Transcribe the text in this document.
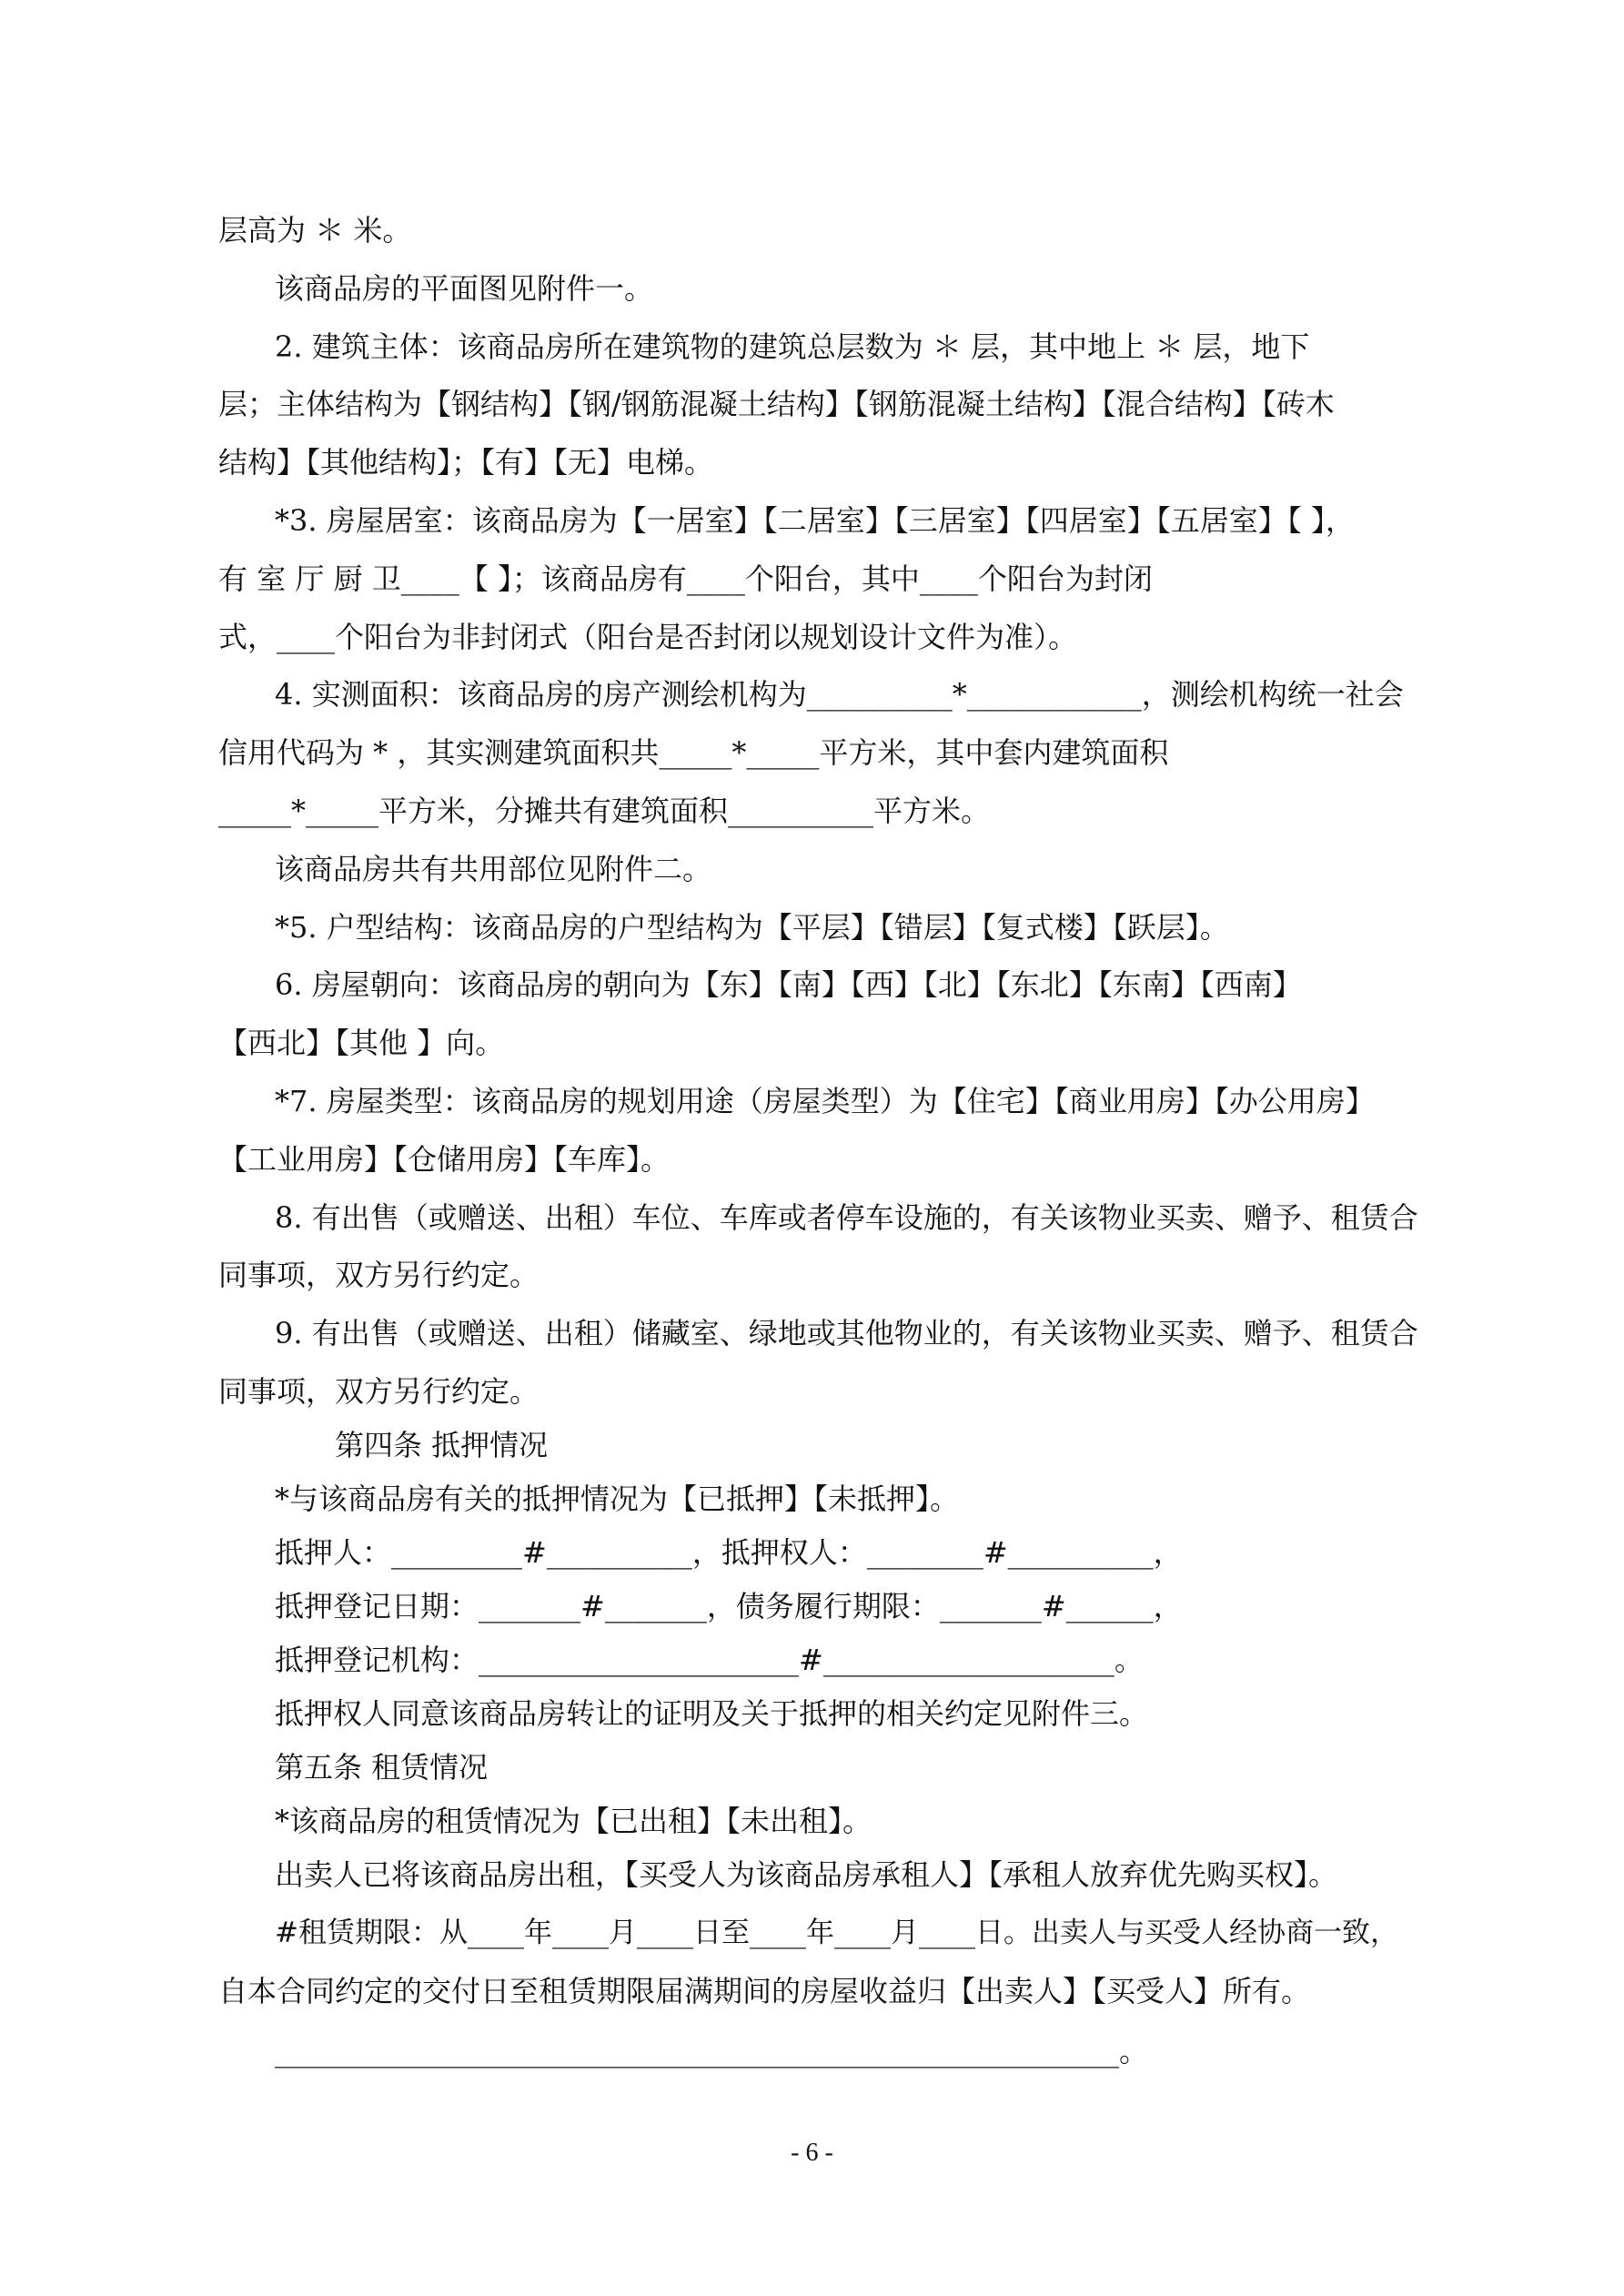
层高为 ＊ 米。
该商品房的平面图见附件一。
2. 建筑主体：该商品房所在建筑物的建筑总层数为 ＊ 层，其中地上 ＊ 层，地下
层；主体结构为【钢结构】【钢/钢筋混凝土结构】【钢筋混凝土结构】【混合结构】【砖木
结构】【其他结构】；【有】【无】电梯。
*3. 房屋居室：该商品房为【一居室】【二居室】【三居室】【四居室】【五居室】【 】，
有 室 厅 厨 卫____【 】；该商品房有____个阳台，其中____个阳台为封闭
式，____个阳台为非封闭式（阳台是否封闭以规划设计文件为准）。
4. 实测面积：该商品房的房产测绘机构为__________*____________，测绘机构统一社会
信用代码为 * ，其实测建筑面积共_____*_____平方米，其中套内建筑面积
_____*_____平方米，分摊共有建筑面积__________平方米。
该商品房共有共用部位见附件二。
*5. 户型结构：该商品房的户型结构为【平层】【错层】【复式楼】【跃层】。
6. 房屋朝向：该商品房的朝向为【东】【南】【西】【北】【东北】【东南】【西南】
【西北】【其他 】向。
*7. 房屋类型：该商品房的规划用途（房屋类型）为【住宅】【商业用房】【办公用房】
【工业用房】【仓储用房】【车库】。
8. 有出售（或赠送、出租）车位、车库或者停车设施的，有关该物业买卖、赠予、租赁合
同事项，双方另行约定。
9. 有出售（或赠送、出租）储藏室、绿地或其他物业的，有关该物业买卖、赠予、租赁合
同事项，双方另行约定。
第四条 抵押情况
*与该商品房有关的抵押情况为【已抵押】【未抵押】。
抵押人：_________#__________，抵押权人：________#__________，
抵押登记日期：_______#_______，债务履行期限：_______#______，
抵押登记机构：______________________#____________________。
抵押权人同意该商品房转让的证明及关于抵押的相关约定见附件三。
第五条 租赁情况
*该商品房的租赁情况为【已出租】【未出租】。
出卖人已将该商品房出租，【买受人为该商品房承租人】【承租人放弃优先购买权】。
#租赁期限：从____年____月____日至____年____月____日。出卖人与买受人经协商一致，
自本合同约定的交付日至租赁期限届满期间的房屋收益归【出卖人】【买受人】所有。
__________________________________________________________。
- 6 -
